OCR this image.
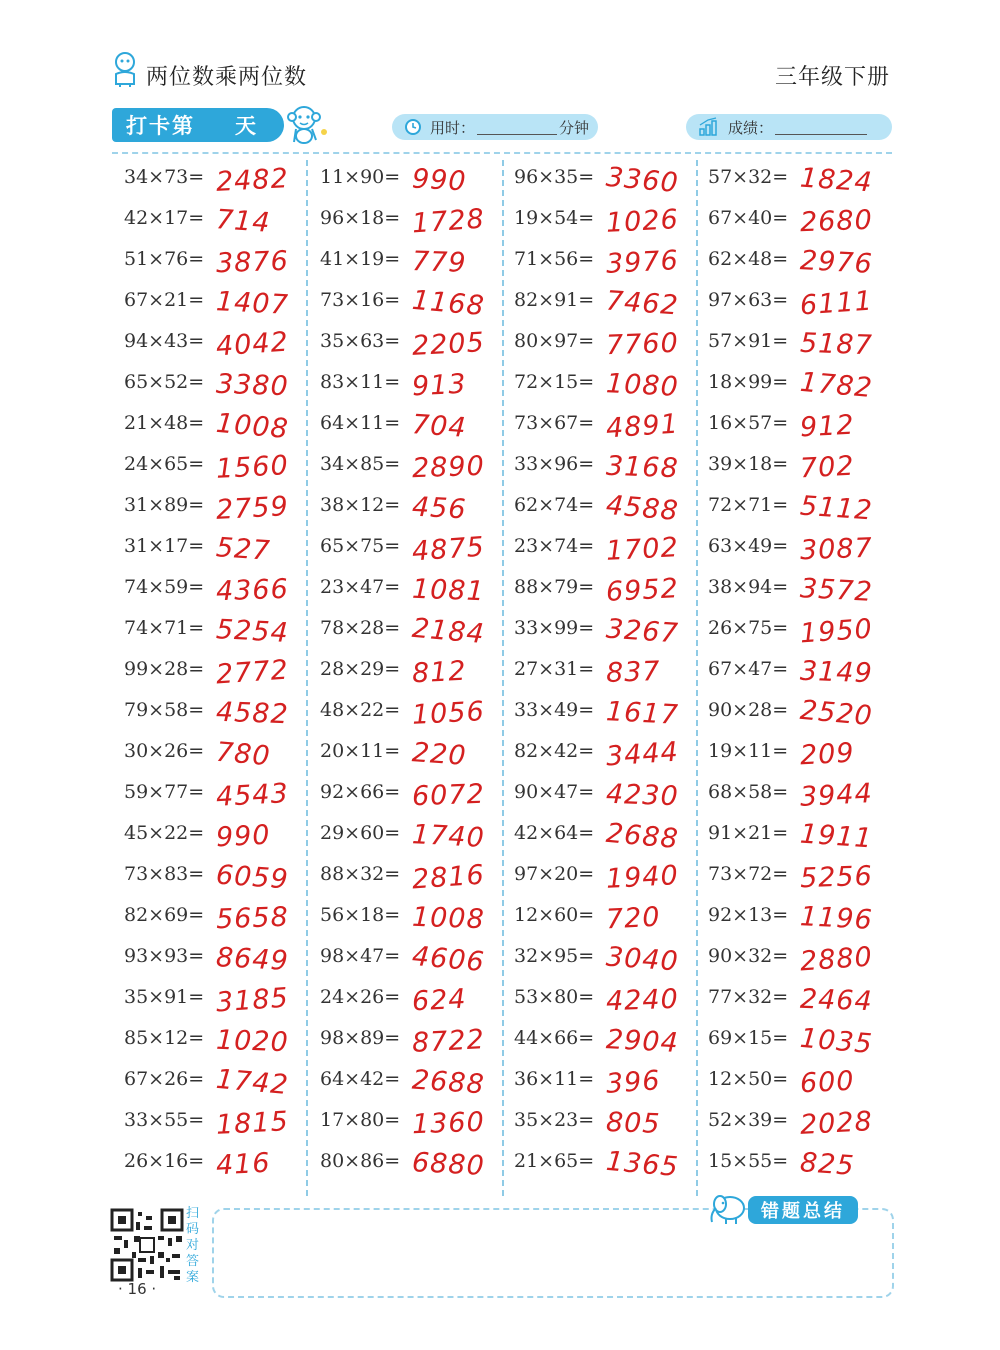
两位数乘两位数	三年级下册
打卡第 天	用时：	分钟	成绩：
34×73= 2482
42×17= 714
51×76= 3876
67×21= 1407
94×43= 4042
65×52= 3380
21×48= 1008
24×65= 1560
31×89= 2759
31×17= 527
74×59= 4366
74×71= 5254
99×28= 2772
79×58= 4582
30×26= 780
59×77= 4543
45×22= 990
73×83= 6059
82×69= 5658
93×93= 8649
35×91= 3185
85×12= 1020
67×26= 1742
33×55= 1815
26×16= 416
11×90= 990
96×18= 1728
41×19= 779
73×16= 1168
35×63= 2205
83×11= 913
64×11= 704
34×85= 2890
38×12= 456
65×75= 4875
23×47= 1081
78×28= 2184
28×29= 812
48×22= 1056
20×11= 220
92×66= 6072
29×60= 1740
88×32= 2816
56×18= 1008
98×47= 4606
24×26= 624
98×89= 8722
64×42= 2688
17×80= 1360
80×86= 6880
96×35= 3360
19×54= 1026
71×56= 3976
82×91= 7462
80×97= 7760
72×15= 1080
73×67= 4891
33×96= 3168
62×74= 4588
23×74= 1702
88×79= 6952
33×99= 3267
27×31= 837
33×49= 1617
82×42= 3444
90×47= 4230
42×64= 2688
97×20= 1940
12×60= 720
32×95= 3040
53×80= 4240
44×66= 2904
36×11= 396
35×23= 805
21×65= 1365
57×32= 1824
67×40= 2680
62×48= 2976
97×63= 6111
57×91= 5187
18×99= 1782
16×57= 912
39×18= 702
72×71= 5112
63×49= 3087
38×94= 3572
26×75= 1950
67×47= 3149
90×28= 2520
19×11= 209
68×58= 3944
91×21= 1911
73×72= 5256
92×13= 1196
90×32= 2880
77×32= 2464
69×15= 1035
12×50= 600
52×39= 2028
15×55= 825
扫码对答案
· 16 ·
错题总结
